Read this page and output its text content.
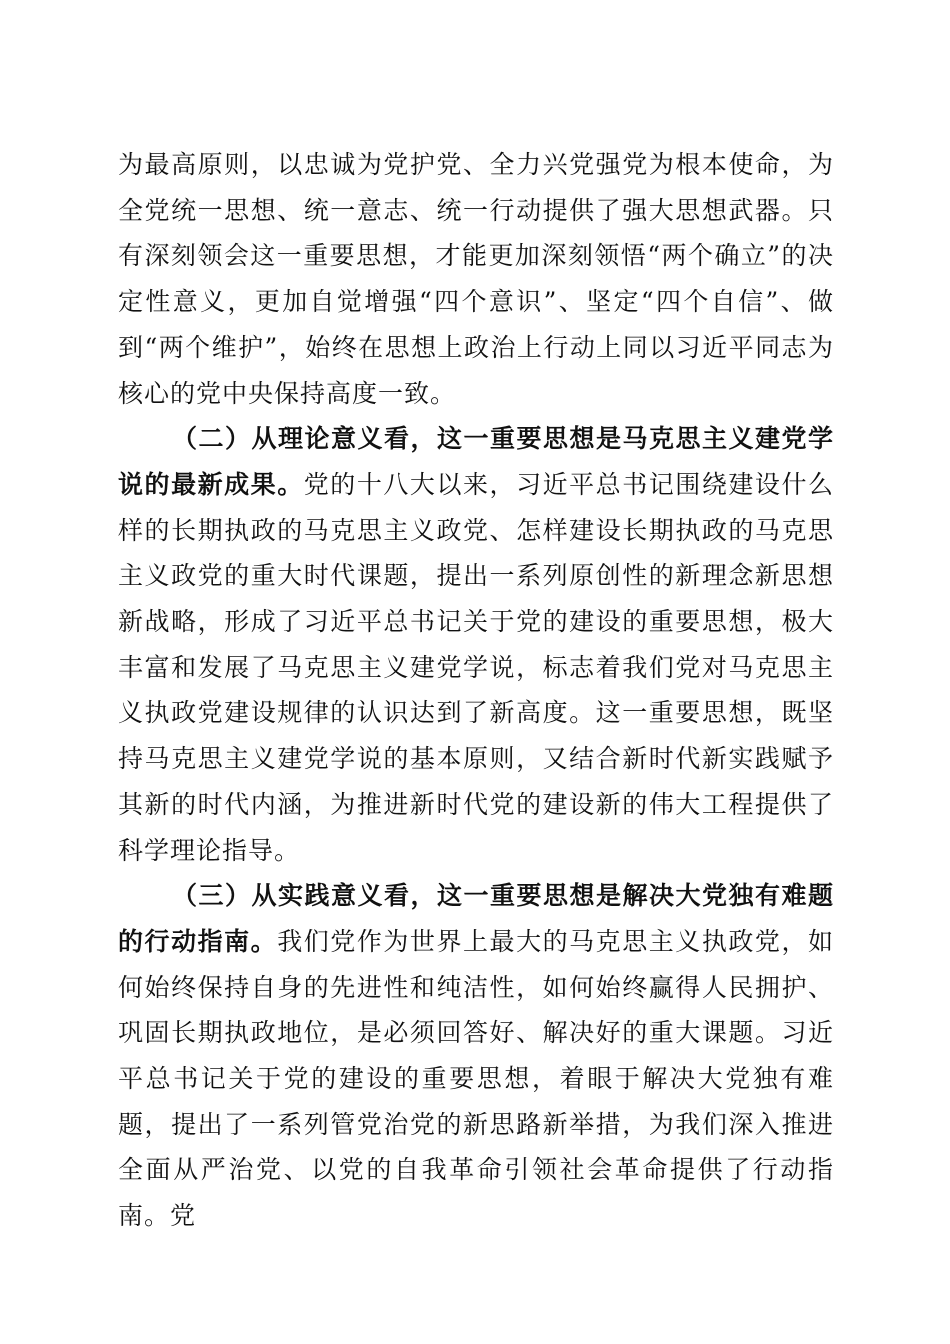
为最高原则，以忠诚为党护党、全力兴党强党为根本使命，为全党统一思想、统一意志、统一行动提供了强大思想武器。只有深刻领会这一重要思想，才能更加深刻领悟“两个确立”的决定性意义，更加自觉增强“四个意识”、坚定“四个自信”、做到“两个维护”，始终在思想上政治上行动上同以习近平同志为核心的党中央保持高度一致。

（二）从理论意义看，这一重要思想是马克思主义建党学说的最新成果。党的十八大以来，习近平总书记围绕建设什么样的长期执政的马克思主义政党、怎样建设长期执政的马克思主义政党的重大时代课题，提出一系列原创性的新理念新思想新战略，形成了习近平总书记关于党的建设的重要思想，极大丰富和发展了马克思主义建党学说，标志着我们党对马克思主义执政党建设规律的认识达到了新高度。这一重要思想，既坚持马克思主义建党学说的基本原则，又结合新时代新实践赋予其新的时代内涵，为推进新时代党的建设新的伟大工程提供了科学理论指导。

（三）从实践意义看，这一重要思想是解决大党独有难题的行动指南。我们党作为世界上最大的马克思主义执政党，如何始终保持自身的先进性和纯洁性，如何始终赢得人民拥护、巩固长期执政地位，是必须回答好、解决好的重大课题。习近平总书记关于党的建设的重要思想，着眼于解决大党独有难题，提出了一系列管党治党的新思路新举措，为我们深入推进全面从严治党、以党的自我革命引领社会革命提供了行动指南。党
